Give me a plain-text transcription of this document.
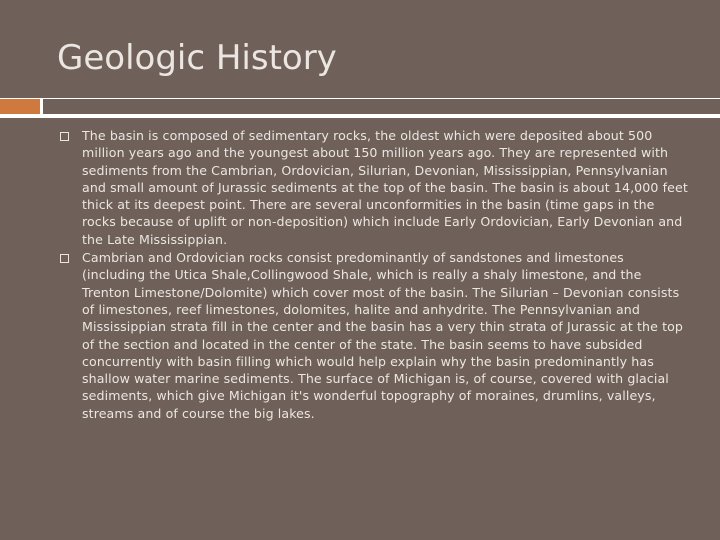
Geologic History
The basin is composed of sedimentary rocks, the oldest which were deposited about 500 million years ago and the youngest about 150 million years ago. They are represented with sediments from the Cambrian, Ordovician, Silurian, Devonian, Mississippian, Pennsylvanian and small amount of Jurassic sediments at the top of the basin. The basin is about 14,000 feet thick at its deepest point. There are several unconformities in the basin (time gaps in the rocks because of uplift or non-deposition) which include Early Ordovician, Early Devonian and the Late Mississippian.
Cambrian and Ordovician rocks consist predominantly of sandstones and limestones (including the Utica Shale,Collingwood Shale, which is really a shaly limestone, and the Trenton Limestone/Dolomite) which cover most of the basin. The Silurian – Devonian consists of limestones, reef limestones, dolomites, halite and anhydrite. The Pennsylvanian and Mississippian strata fill in the center and the basin has a very thin strata of Jurassic at the top of the section and located in the center of the state. The basin seems to have subsided concurrently with basin filling which would help explain why the basin predominantly has shallow water marine sediments. The surface of Michigan is, of course, covered with glacial sediments, which give Michigan it's wonderful topography of moraines, drumlins, valleys, streams and of course the big lakes.
